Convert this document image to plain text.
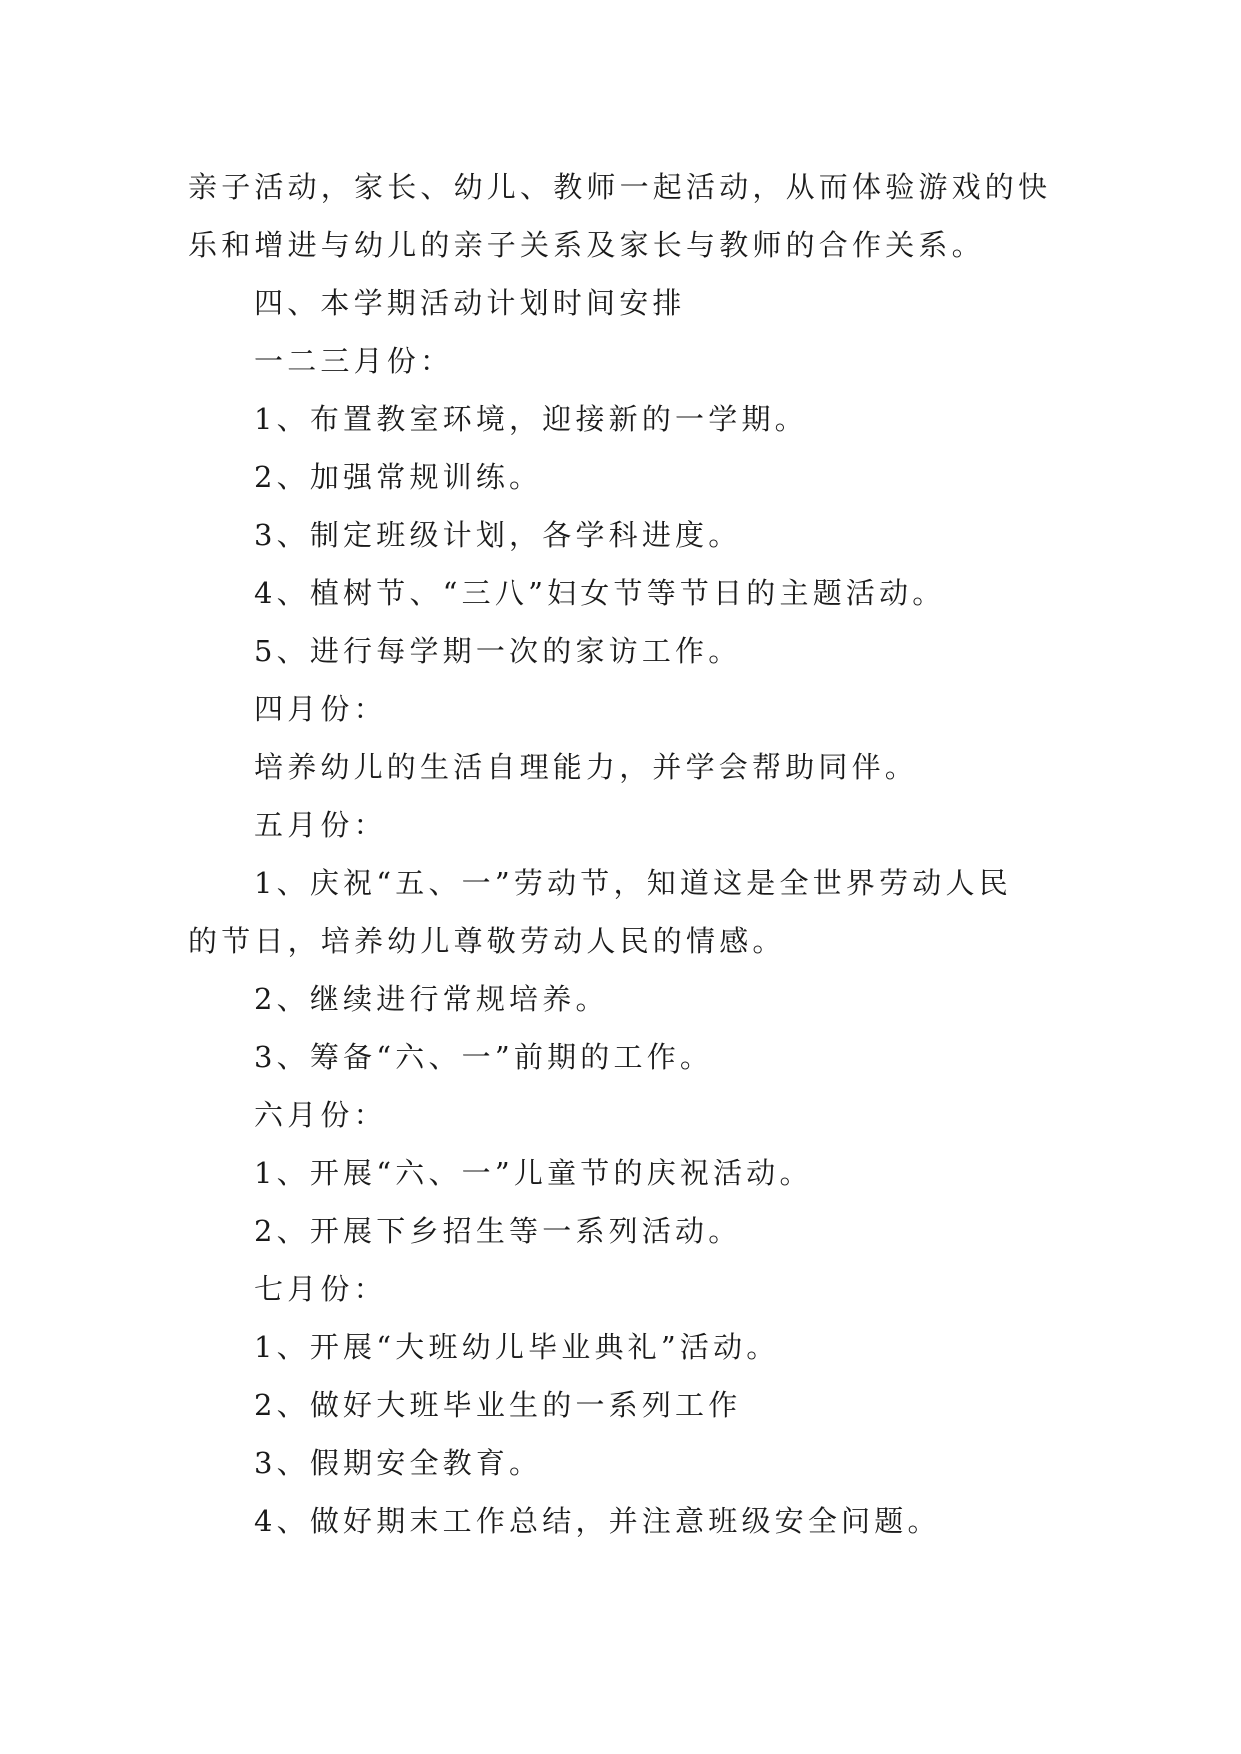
亲子活动，家长、幼儿、教师一起活动，从而体验游戏的快
乐和增进与幼儿的亲子关系及家长与教师的合作关系。
四、本学期活动计划时间安排
一二三月份：
1、布置教室环境，迎接新的一学期。
2、加强常规训练。
3、制定班级计划，各学科进度。
4、植树节、“三八”妇女节等节日的主题活动。
5、进行每学期一次的家访工作。
四月份：
培养幼儿的生活自理能力，并学会帮助同伴。
五月份：
1、庆祝“五、一”劳动节，知道这是全世界劳动人民
的节日，培养幼儿尊敬劳动人民的情感。
2、继续进行常规培养。
3、筹备“六、一”前期的工作。
六月份：
1、开展“六、一”儿童节的庆祝活动。
2、开展下乡招生等一系列活动。
七月份：
1、开展“大班幼儿毕业典礼”活动。
2、做好大班毕业生的一系列工作
3、假期安全教育。
4、做好期末工作总结，并注意班级安全问题。
